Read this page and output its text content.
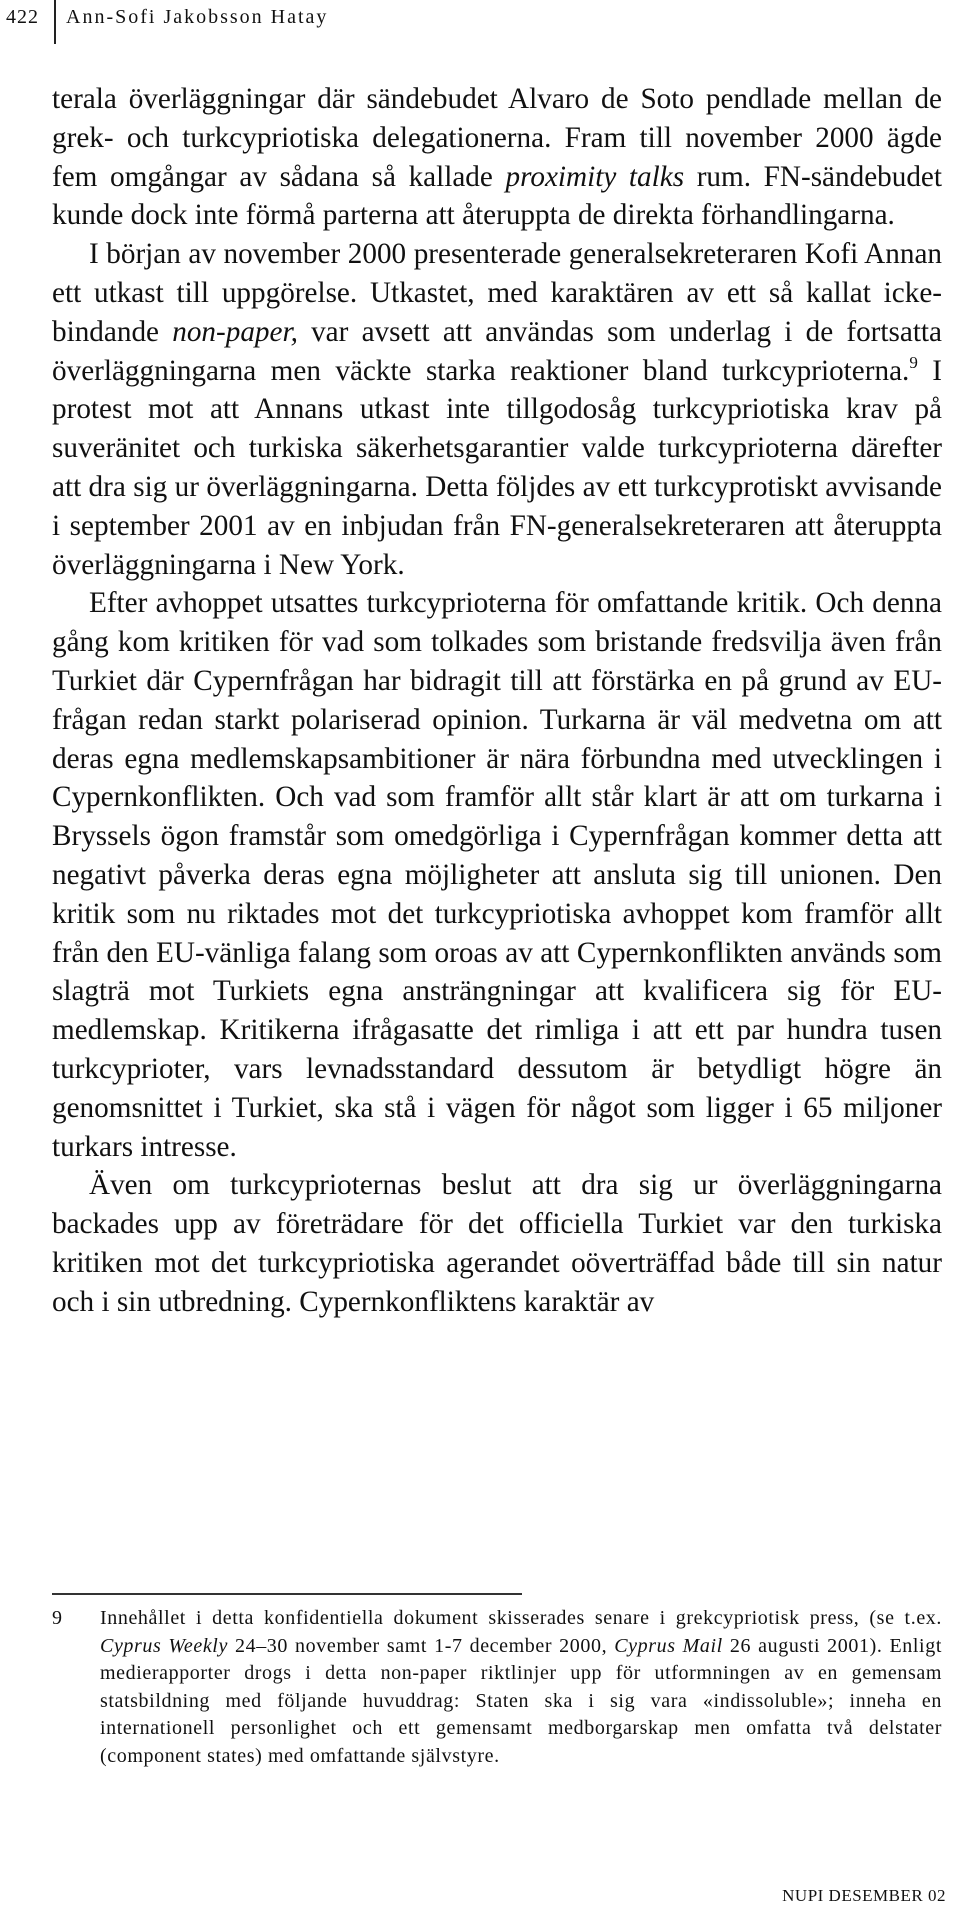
422 Ann-Sofi Jakobsson Hatay

terala överläggningar där sändebudet Alvaro de Soto pendlade mellan de grek- och turkcypriotiska delegationerna. Fram till november 2000 ägde fem omgångar av sådana så kallade proximity talks rum. FN-sändebudet kunde dock inte förmå parterna att återuppta de direkta förhandlingarna.

I början av november 2000 presenterade generalsekreteraren Kofi Annan ett utkast till uppgörelse. Utkastet, med karaktären av ett så kallat icke-bindande non-paper, var avsett att användas som underlag i de fortsatta överläggningarna men väckte starka reaktioner bland turkcyprioterna.$^9$ I protest mot att Annans utkast inte tillgodosåg turkcypriotiska krav på suveränitet och turkiska säkerhetsgarantier valde turkcyprioterna därefter att dra sig ur överläggningarna. Detta följdes av ett turkcyprotiskt avvisande i september 2001 av en inbjudan från FN-generalsekreteraren att återuppta överläggningarna i New York.

Efter avhoppet utsattes turkcyprioterna för omfattande kritik. Och denna gång kom kritiken för vad som tolkades som bristande fredsvilja även från Turkiet där Cypernfrågan har bidragit till att förstärka en på grund av EU-frågan redan starkt polariserad opinion. Turkarna är väl medvetna om att deras egna medlemskapsambitioner är nära förbundna med utvecklingen i Cypernkonflikten. Och vad som framför allt står klart är att om turkarna i Bryssels ögon framstår som omedgörliga i Cypernfrågan kommer detta att negativt påverka deras egna möjligheter att ansluta sig till unionen. Den kritik som nu riktades mot det turkcypriotiska avhoppet kom framför allt från den EU-vänliga falang som oroas av att Cypernkonflikten används som slagträ mot Turkiets egna ansträngningar att kvalificera sig för EU-medlemskap. Kritikerna ifrågasatte det rimliga i att ett par hundra tusen turkcyprioter, vars levnadsstandard dessutom är betydligt högre än genomsnittet i Turkiet, ska stå i vägen för något som ligger i 65 miljoner turkars intresse.

Även om turkcyprioternas beslut att dra sig ur överläggningarna backades upp av företrädare för det officiella Turkiet var den turkiska kritiken mot det turkcypriotiska agerandet oöverträffad både till sin natur och i sin utbredning. Cypernkonfliktens karaktär av

9 Innehållet i detta konfidentiella dokument skisserades senare i grekcypriotisk press, (se t.ex. Cyprus Weekly 24–30 november samt 1-7 december 2000, Cyprus Mail 26 augusti 2001). Enligt medierapporter drogs i detta non-paper riktlinjer upp för utformningen av en gemensam statsbildning med följande huvuddrag: Staten ska i sig vara «indissoluble»; inneha en internationell personlighet och ett gemensamt medborgarskap men omfatta två delstater (component states) med omfattande självstyre.
NUPI DESEMBER 02
